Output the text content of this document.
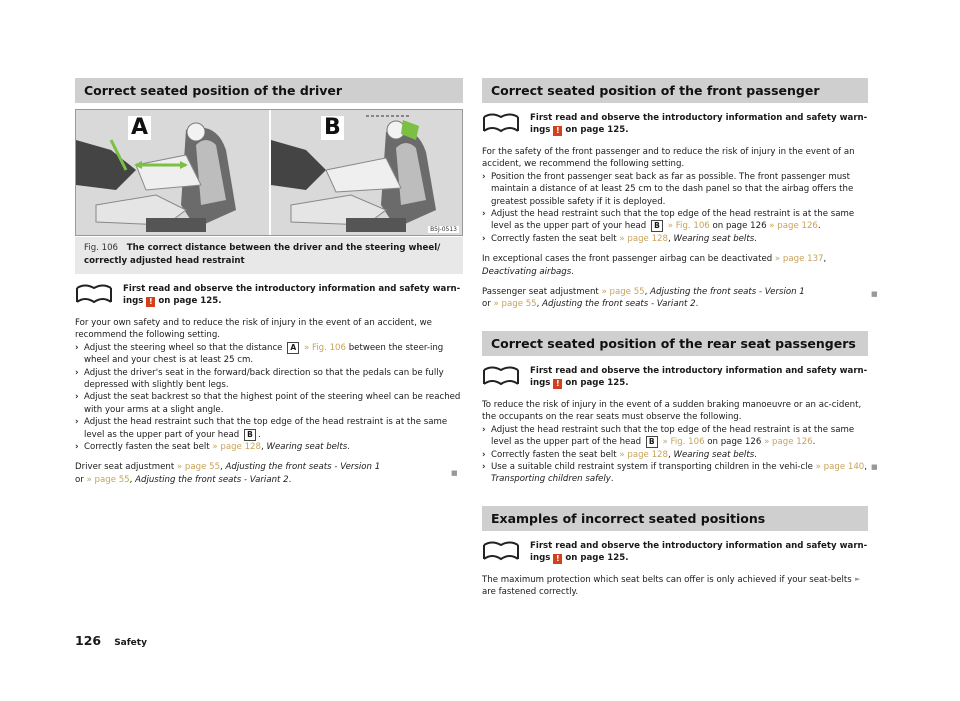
Correct seated position of the driver
A	B
B5J-0513
Fig. 106 The correct distance between the driver and the steering wheel/ correctly adjusted head restraint
First read and observe the introductory information and safety warn-ings ! on page 125.

For your own safety and to reduce the risk of injury in the event of an accident, we recommend the following setting.

› Adjust the steering wheel so that the distance A » Fig. 106 between the steer-ing wheel and your chest is at least 25 cm.
› Adjust the driver's seat in the forward/back direction so that the pedals can be fully depressed with slightly bent legs.
› Adjust the seat backrest so that the highest point of the steering wheel can be reached with your arms at a slight angle.
› Adjust the head restraint such that the top edge of the head restraint is at the same level as the upper part of your head B .
› Correctly fasten the seat belt » page 128, Wearing seat belts.

Driver seat adjustment » page 55, Adjusting the front seats - Version 1
or » page 55, Adjusting the front seats - Variant 2.

■
Correct seated position of the front passenger
First read and observe the introductory information and safety warn-ings ! on page 125.

For the safety of the front passenger and to reduce the risk of injury in the event of an accident, we recommend the following setting.

› Position the front passenger seat back as far as possible. The front passenger must maintain a distance of at least 25 cm to the dash panel so that the airbag offers the greatest possible safety if it is deployed.
› Adjust the head restraint such that the top edge of the head restraint is at the same level as the upper part of your head B » Fig. 106 on page 126 » page 126.
› Correctly fasten the seat belt » page 128, Wearing seat belts.

In exceptional cases the front passenger airbag can be deactivated » page 137, Deactivating airbags.

Passenger seat adjustment » page 55, Adjusting the front seats - Version 1
or » page 55, Adjusting the front seats - Variant 2.

Correct seated position of the rear seat passengers
First read and observe the introductory information and safety warn-ings ! on page 125.

To reduce the risk of injury in the event of a sudden braking manoeuvre or an ac-cident, the occupants on the rear seats must observe the following.

› Adjust the head restraint such that the top edge of the head restraint is at the same level as the upper part of the head B » Fig. 106 on page 126 » page 126.
› Correctly fasten the seat belt » page 128, Wearing seat belts.
› Use a suitable child restraint system if transporting children in the vehi-cle » page 140, Transporting children safely.
Examples of incorrect seated positions
First read and observe the introductory information and safety warn-ings ! on page 125.

The maximum protection which seat belts can offer is only achieved if your seat-belts are fastened correctly.

■
■
►
126 Safety
